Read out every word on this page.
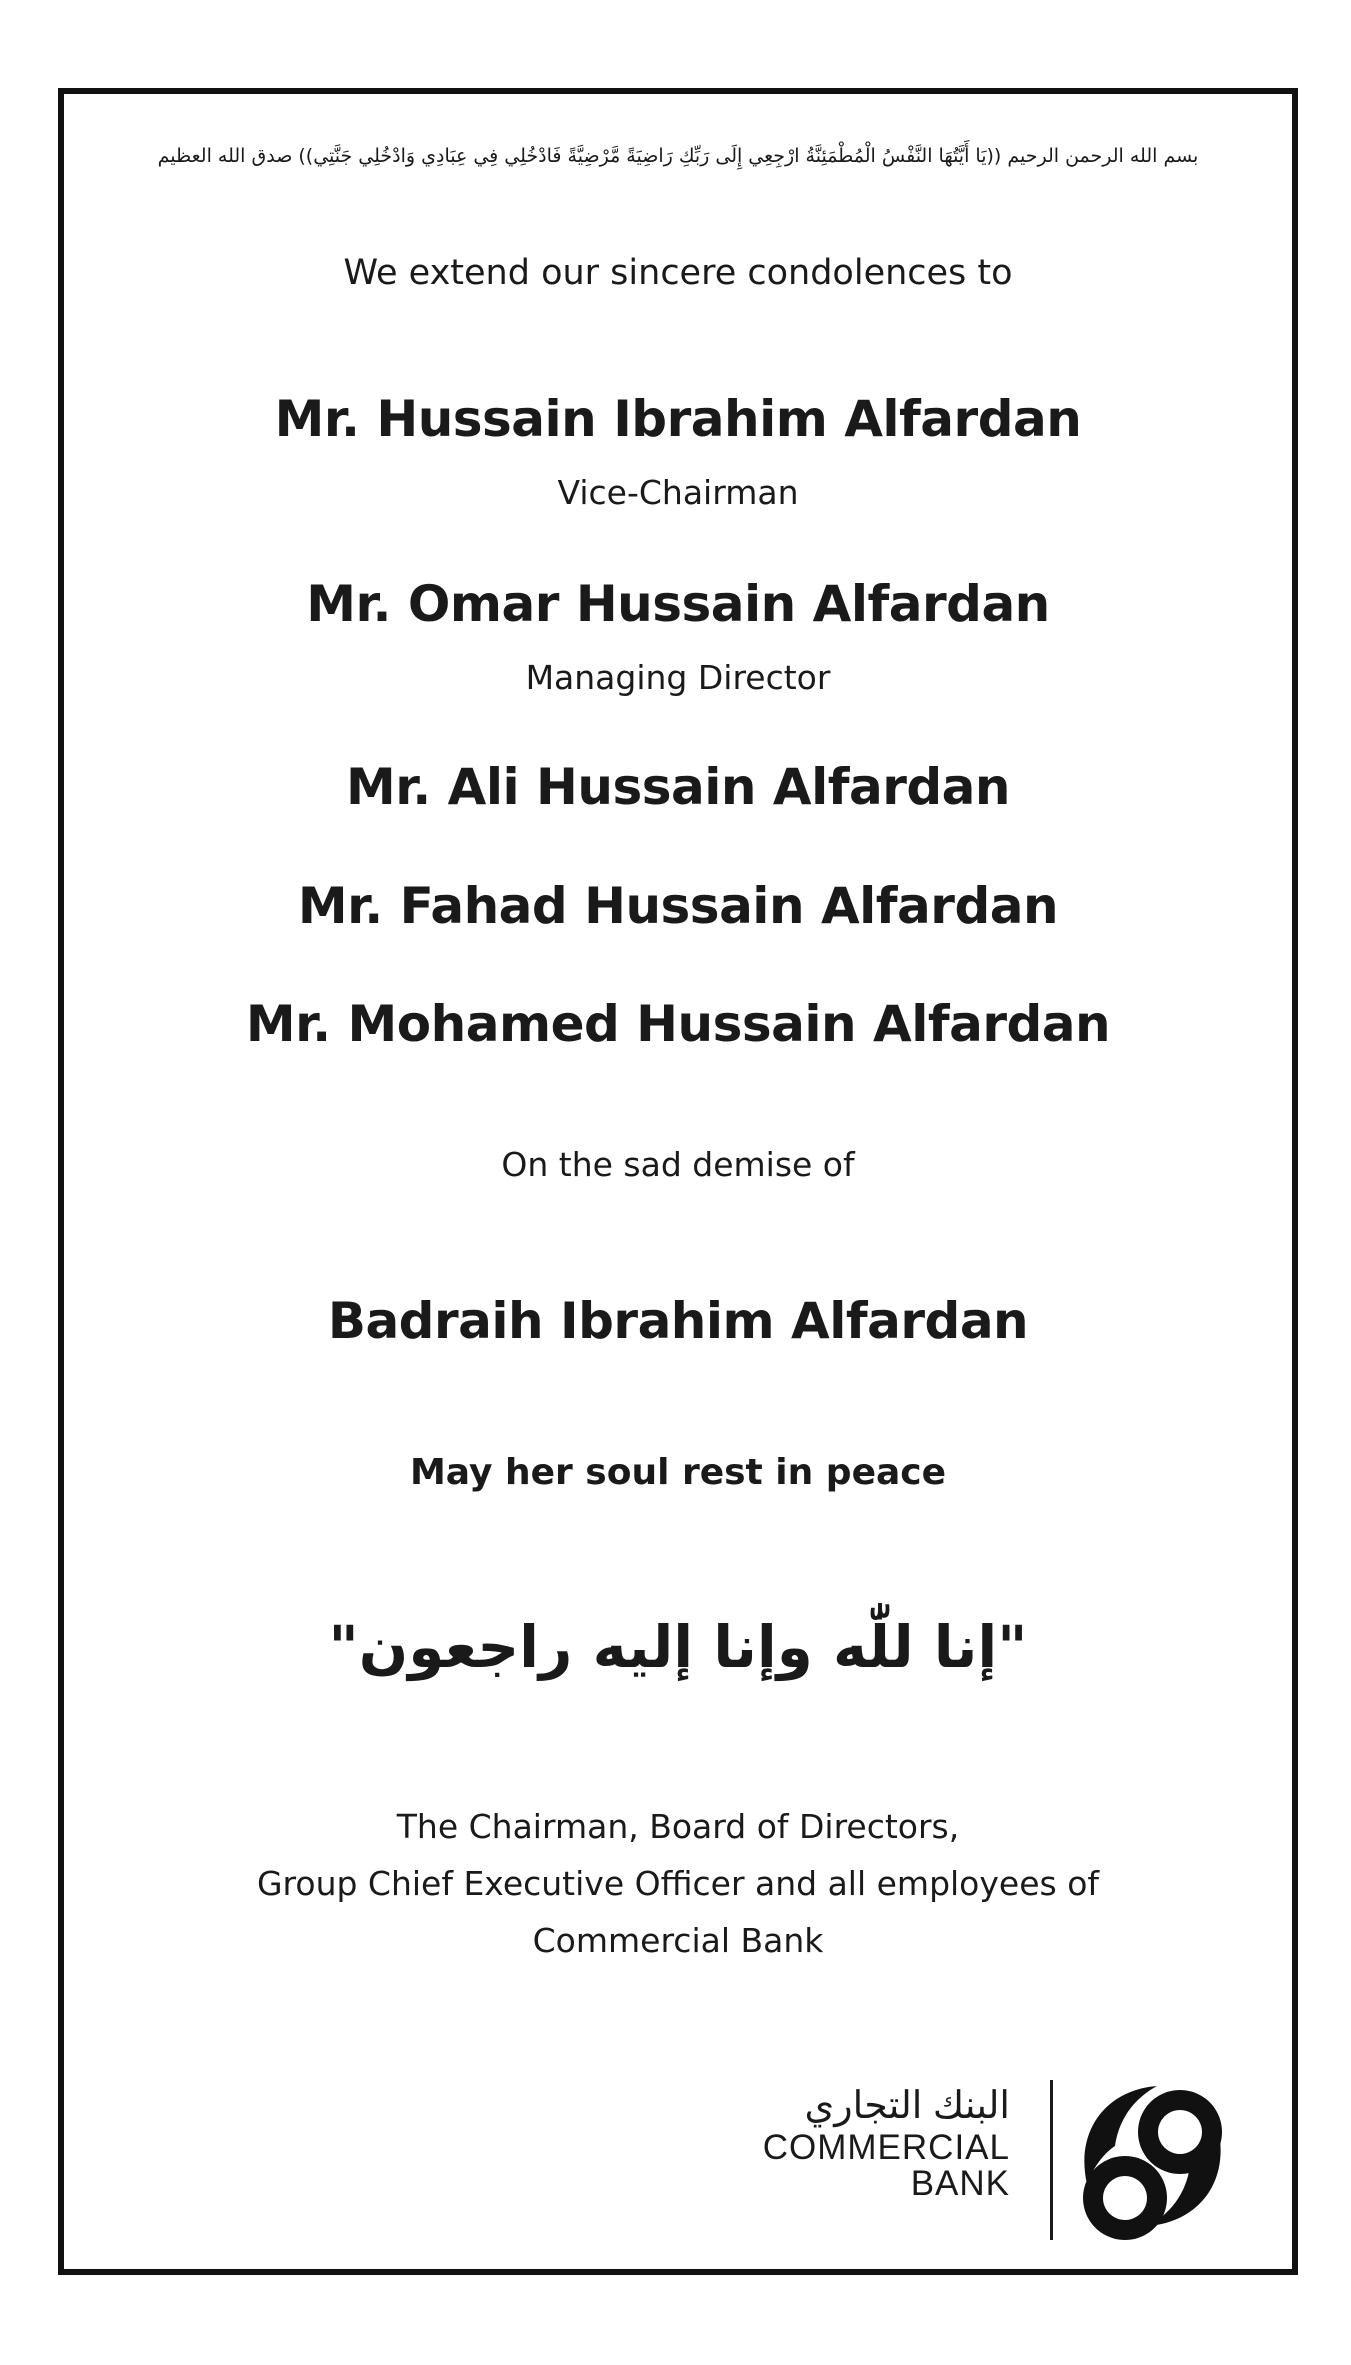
بسم الله الرحمن الرحيم ((يَا أَيَّتُهَا النَّفْسُ الْمُطْمَئِنَّةُ ارْجِعِي إِلَى رَبِّكِ رَاضِيَةً مَّرْضِيَّةً فَادْخُلِي فِي عِبَادِي وَادْخُلِي جَنَّتِي)) صدق الله العظيم
We extend our sincere condolences to
Mr. Hussain Ibrahim Alfardan
Vice-Chairman
Mr. Omar Hussain Alfardan
Managing Director
Mr. Ali Hussain Alfardan
Mr. Fahad Hussain Alfardan
Mr. Mohamed Hussain Alfardan
On the sad demise of
Badraih Ibrahim Alfardan
May her soul rest in peace
"إنا للّٰه وإنا إليه راجعون"
The Chairman, Board of Directors,
Group Chief Executive Officer and all employees of
Commercial Bank
البنك التجاري
COMMERCIAL
BANK
